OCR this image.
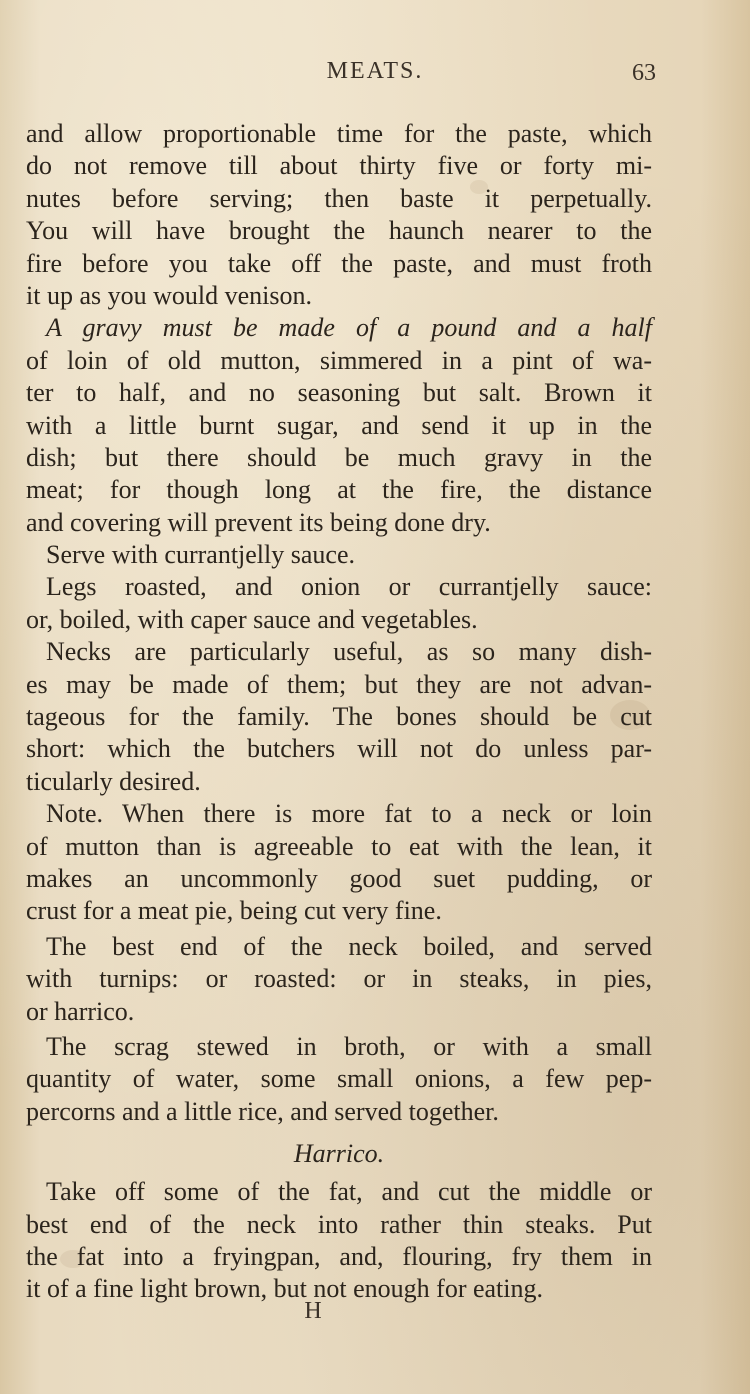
MEATS.	63
and allow proportionable time for the paste, which
do not remove till about thirty five or forty mi-
nutes before serving; then baste it perpetually.
You will have brought the haunch nearer to the
fire before you take off the paste, and must froth
it up as you would venison.
A gravy must be made of a pound and a half
of loin of old mutton, simmered in a pint of wa-
ter to half, and no seasoning but salt. Brown it
with a little burnt sugar, and send it up in the
dish; but there should be much gravy in the
meat; for though long at the fire, the distance
and covering will prevent its being done dry.
Serve with currantjelly sauce.
Legs roasted, and onion or currantjelly sauce:
or, boiled, with caper sauce and vegetables.
Necks are particularly useful, as so many dish-
es may be made of them; but they are not advan-
tageous for the family. The bones should be cut
short: which the butchers will not do unless par-
ticularly desired.
Note. When there is more fat to a neck or loin
of mutton than is agreeable to eat with the lean, it
makes an uncommonly good suet pudding, or
crust for a meat pie, being cut very fine.
The best end of the neck boiled, and served
with turnips: or roasted: or in steaks, in pies,
or harrico.
The scrag stewed in broth, or with a small
quantity of water, some small onions, a few pep-
percorns and a little rice, and served together.
Harrico.
Take off some of the fat, and cut the middle or
best end of the neck into rather thin steaks. Put
the fat into a fryingpan, and, flouring, fry them in
it of a fine light brown, but not enough for eating.
H
